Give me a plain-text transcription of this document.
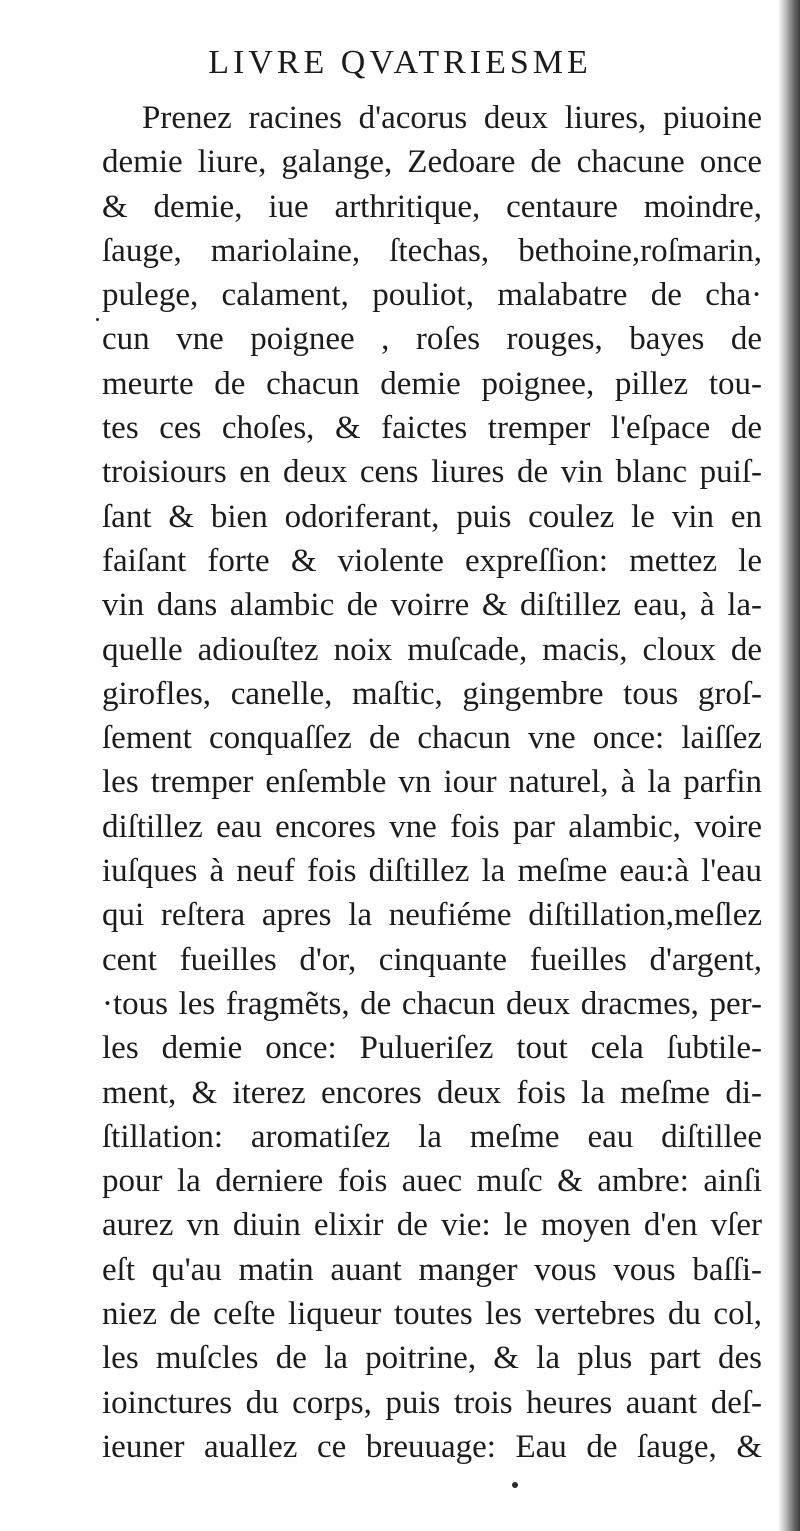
LIVRE QVATRIESME
Prenez racines d'acorus deux liures, piuoine
demie liure, galange, Zedoare de chacune once
& demie, iue arthritique, centaure moindre,
ſauge, mariolaine, ſtechas, bethoine,roſmarin,
pulege, calament, pouliot, malabatre de cha·
cun vne poignee , roſes rouges, bayes de
meurte de chacun demie poignee, pillez tou-
tes ces choſes, & faictes tremper l'eſpace de
troisiours en deux cens liures de vin blanc puiſ-
ſant & bien odoriferant, puis coulez le vin en
faiſant forte & violente expreſſion: mettez le
vin dans alambic de voirre & diſtillez eau, à la-
quelle adiouſtez noix muſcade, macis, cloux de
girofles, canelle, maſtic, gingembre tous groſ-
ſement conquaſſez de chacun vne once: laiſſez
les tremper enſemble vn iour naturel, à la parfin
diſtillez eau encores vne fois par alambic, voire
iuſques à neuf fois diſtillez la meſme eau:à l'eau
qui reſtera apres la neufiéme diſtillation,meſlez
cent fueilles d'or, cinquante fueilles d'argent,
·tous les fragmẽts, de chacun deux dracmes, per-
les demie once: Pulueriſez tout cela ſubtile-
ment, & iterez encores deux fois la meſme di-
ſtillation: aromatiſez la meſme eau diſtillee
pour la derniere fois auec muſc & ambre: ainſi
aurez vn diuin elixir de vie: le moyen d'en vſer
eſt qu'au matin auant manger vous vous baſſi-
niez de ceſte liqueur toutes les vertebres du col,
les muſcles de la poitrine, & la plus part des
ioinctures du corps, puis trois heures auant deſ-
ieuner auallez ce breuuage: Eau de ſauge, &
